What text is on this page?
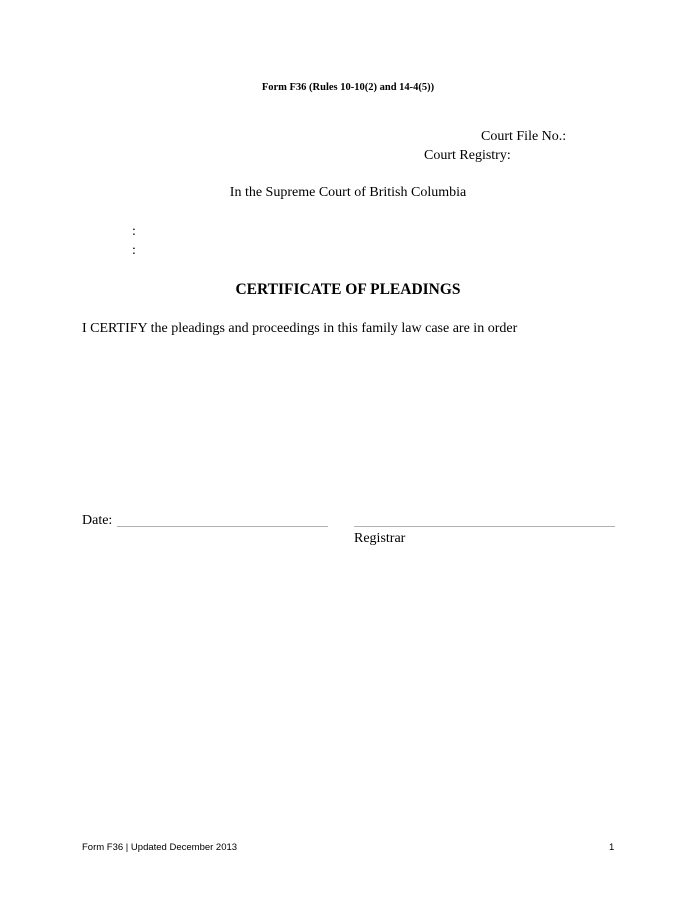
Form F36 (Rules 10-10(2) and 14-4(5))
Court File No.:
Court Registry:
In the Supreme Court of British Columbia
:
:
CERTIFICATE OF PLEADINGS
I CERTIFY the pleadings and proceedings in this family law case are in order
Date:
Registrar
Form F36 | Updated December 2013	1
